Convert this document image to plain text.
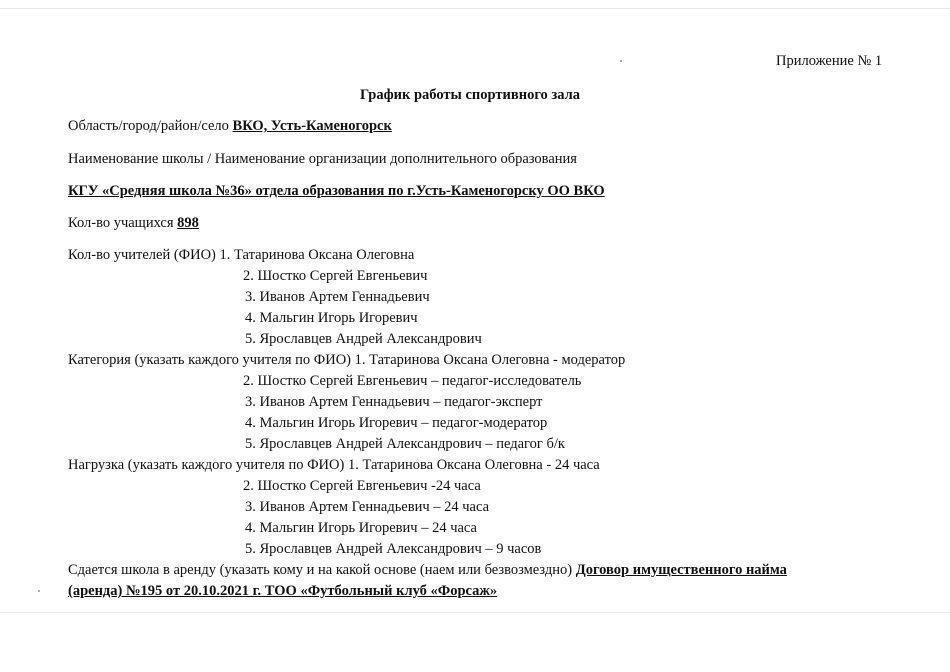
Приложение № 1
График работы спортивного зала
Область/город/район/село ВКО, Усть-Каменогорск
Наименование школы / Наименование организации дополнительного образования
КГУ «Средняя школа №36» отдела образования по г.Усть-Каменогорску ОО ВКО
Кол-во учащихся 898
Кол-во учителей (ФИО) 1. Татаринова Оксана Олеговна
2. Шостко Сергей Евгеньевич
3. Иванов Артем Геннадьевич
4. Мальгин Игорь Игоревич
5. Ярославцев Андрей Александрович
Категория (указать каждого учителя по ФИО) 1. Татаринова Оксана Олеговна - модератор
2. Шостко Сергей Евгеньевич – педагог-исследователь
3. Иванов Артем Геннадьевич – педагог-эксперт
4. Мальгин Игорь Игоревич – педагог-модератор
5. Ярославцев Андрей Александрович – педагог б/к
Нагрузка (указать каждого учителя по ФИО) 1. Татаринова Оксана Олеговна - 24 часа
2. Шостко Сергей Евгеньевич -24 часа
3. Иванов Артем Геннадьевич – 24 часа
4. Мальгин Игорь Игоревич – 24 часа
5. Ярославцев Андрей Александрович – 9 часов
Сдается школа в аренду (указать кому и на какой основе (наем или безвозмездно) Договор имущественного найма
(аренда) №195 от 20.10.2021 г. ТОО «Футбольный клуб «Форсаж»
